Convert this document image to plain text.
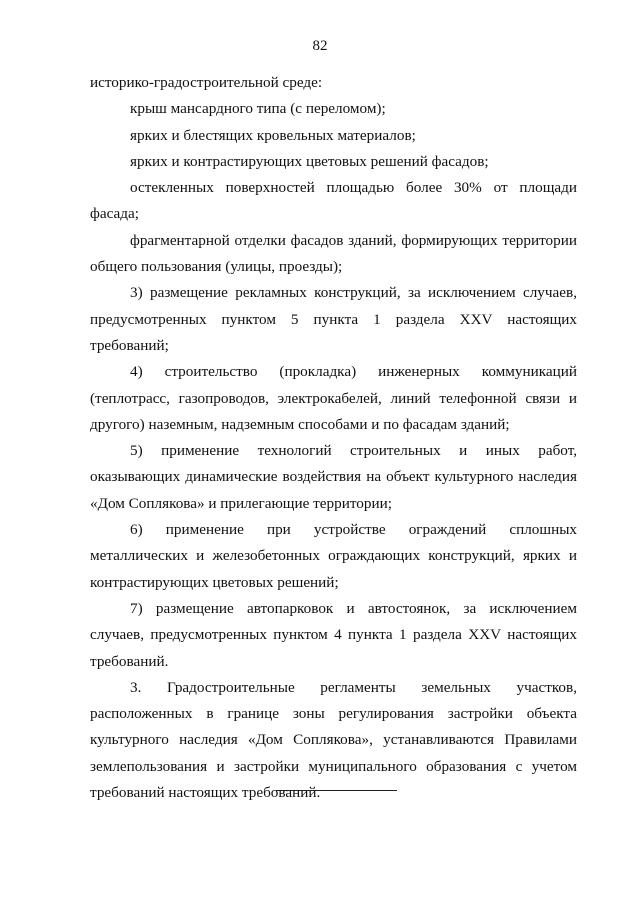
82

историко-градостроительной среде:

крыш мансардного типа (с переломом);

ярких и блестящих кровельных материалов;

ярких и контрастирующих цветовых решений фасадов;

остекленных поверхностей площадью более 30% от площади фасада;

фрагментарной отделки фасадов зданий, формирующих территории общего пользования (улицы, проезды);

3) размещение рекламных конструкций, за исключением случаев, предусмотренных пунктом 5 пункта 1 раздела XXV настоящих требований;

4) строительство (прокладка) инженерных коммуникаций (теплотрасс, газопроводов, электрокабелей, линий телефонной связи и другого) наземным, надземным способами и по фасадам зданий;

5) применение технологий строительных и иных работ, оказывающих динамические воздействия на объект культурного наследия «Дом Соплякова» и прилегающие территории;

6) применение при устройстве ограждений сплошных металлических и железобетонных ограждающих конструкций, ярких и контрастирующих цветовых решений;

7) размещение автопарковок и автостоянок, за исключением случаев, предусмотренных пунктом 4 пункта 1 раздела XXV настоящих требований.

3. Градостроительные регламенты земельных участков, расположенных в границе зоны регулирования застройки объекта культурного наследия «Дом Соплякова», устанавливаются Правилами землепользования и застройки муниципального образования с учетом требований настоящих требований.
